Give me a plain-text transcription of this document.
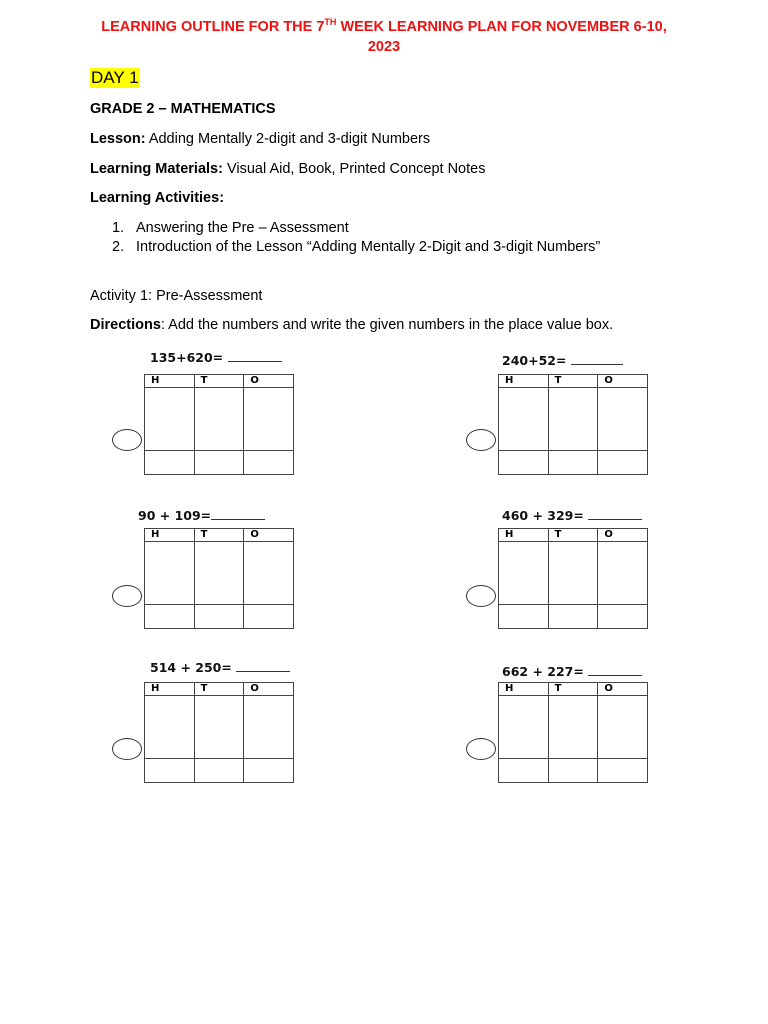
LEARNING OUTLINE FOR THE 7TH WEEK LEARNING PLAN FOR NOVEMBER 6-10,
2023
DAY 1
GRADE 2 – MATHEMATICS
Lesson: Adding Mentally 2-digit and 3-digit Numbers
Learning Materials: Visual Aid, Book, Printed Concept Notes
Learning Activities:
1. Answering the Pre – Assessment
2. Introduction of the Lesson “Adding Mentally 2-Digit and 3-digit Numbers”
Activity 1: Pre-Assessment
Directions: Add the numbers and write the given numbers in the place value box.
135+620=
H	T	O

240+52=
H	T	O

90 + 109=
H	T	O

460 + 329=
H	T	O

514 + 250=
H	T	O

662 + 227=
H	T	O
